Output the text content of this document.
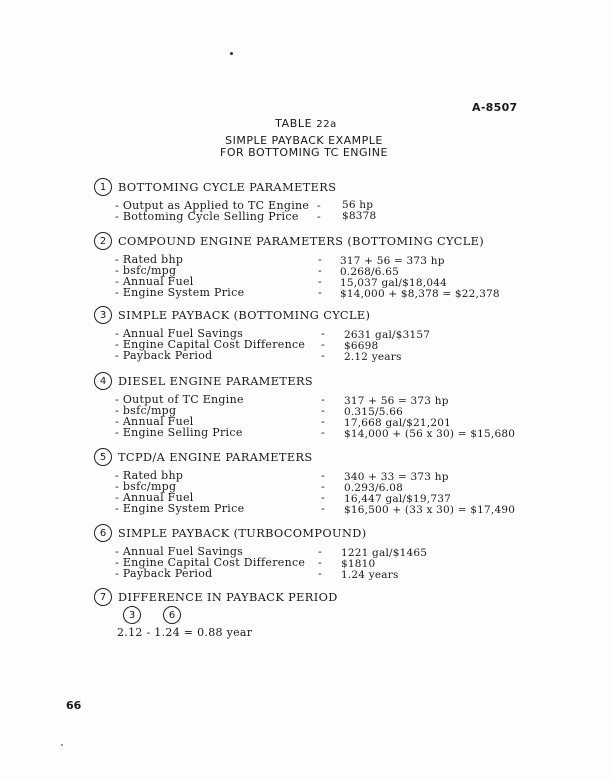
A-8507
TABLE 22a
SIMPLE PAYBACK EXAMPLE
FOR BOTTOMING TC ENGINE
1	BOTTOMING CYCLE PARAMETERS
- Output as Applied to TC Engine - 56 hp
- Bottoming Cycle Selling Price - $8378
2	COMPOUND ENGINE PARAMETERS (BOTTOMING CYCLE)
- Rated bhp	- 317 + 56 = 373 hp
- bsfc/mpg	- 0.268/6.65
- Annual Fuel	- 15,037 gal/$18,044
- Engine System Price	- $14,000 + $8,378 = $22,378
3	SIMPLE PAYBACK (BOTTOMING CYCLE)
- Annual Fuel Savings	- 2631 gal/$3157
- Engine Capital Cost Difference - $6698
- Payback Period	- 2.12 years
4	DIESEL ENGINE PARAMETERS
- Output of TC Engine	- 317 + 56 = 373 hp
- bsfc/mpg	- 0.315/5.66
- Annual Fuel	- 17,668 gal/$21,201
- Engine Selling Price	- $14,000 + (56 x 30) = $15,680
5	TCPD/A ENGINE PARAMETERS
- Rated bhp	- 340 + 33 = 373 hp
- bsfc/mpg	- 0.293/6.08
- Annual Fuel	- 16,447 gal/$19,737
- Engine System Price	- $16,500 + (33 x 30) = $17,490
6	SIMPLE PAYBACK (TURBOCOMPOUND)
- Annual Fuel Savings	- 1221 gal/$1465
- Engine Capital Cost Difference - $1810
- Payback Period	- 1.24 years
7	DIFFERENCE IN PAYBACK PERIOD
3	6
2.12 - 1.24 = 0.88 year
66
